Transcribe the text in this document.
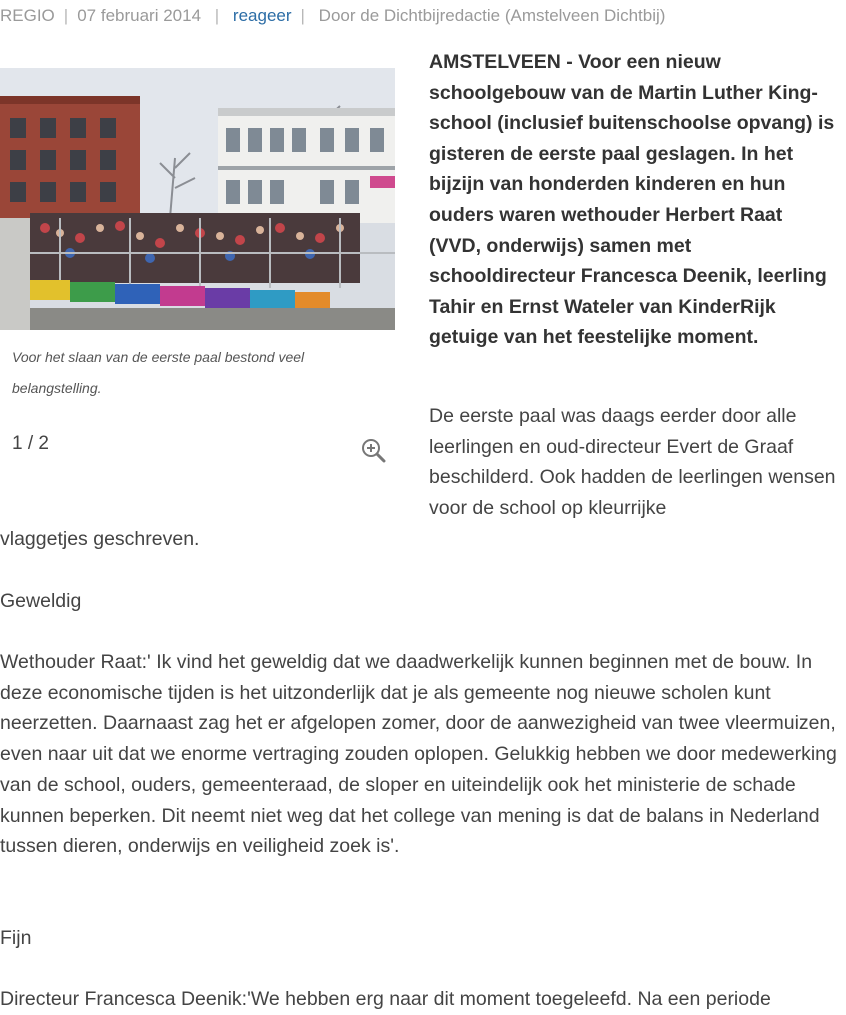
REGIO | 07 februari 2014 | reageer | Door de Dichtbijredactie (Amstelveen Dichtbij)
Voor het slaan van de eerste paal bestond veel belangstelling.
1 / 2

AMSTELVEEN - Voor een nieuw schoolgebouw van de Martin Luther King-school (inclusief buitenschoolse opvang) is gisteren de eerste paal geslagen. In het bijzijn van honderden kinderen en hun ouders waren wethouder Herbert Raat (VVD, onderwijs) samen met schooldirecteur Francesca Deenik, leerling Tahir en Ernst Wateler van KinderRijk getuige van het feestelijke moment.

De eerste paal was daags eerder door alle leerlingen en oud-directeur Evert de Graaf beschilderd. Ook hadden de leerlingen wensen voor de school op kleurrijke

vlaggetjes geschreven.

Geweldig

Wethouder Raat:' Ik vind het geweldig dat we daadwerkelijk kunnen beginnen met de bouw. In deze economische tijden is het uitzonderlijk dat je als gemeente nog nieuwe scholen kunt neerzetten. Daarnaast zag het er afgelopen zomer, door de aanwezigheid van twee vleermuizen, even naar uit dat we enorme vertraging zouden oplopen. Gelukkig hebben we door medewerking van de school, ouders, gemeenteraad, de sloper en uiteindelijk ook het ministerie de schade kunnen beperken. Dit neemt niet weg dat het college van mening is dat de balans in Nederland tussen dieren, onderwijs en veiligheid zoek is'.

Fijn

Directeur Francesca Deenik:'We hebben erg naar dit moment toegeleefd. Na een periode
